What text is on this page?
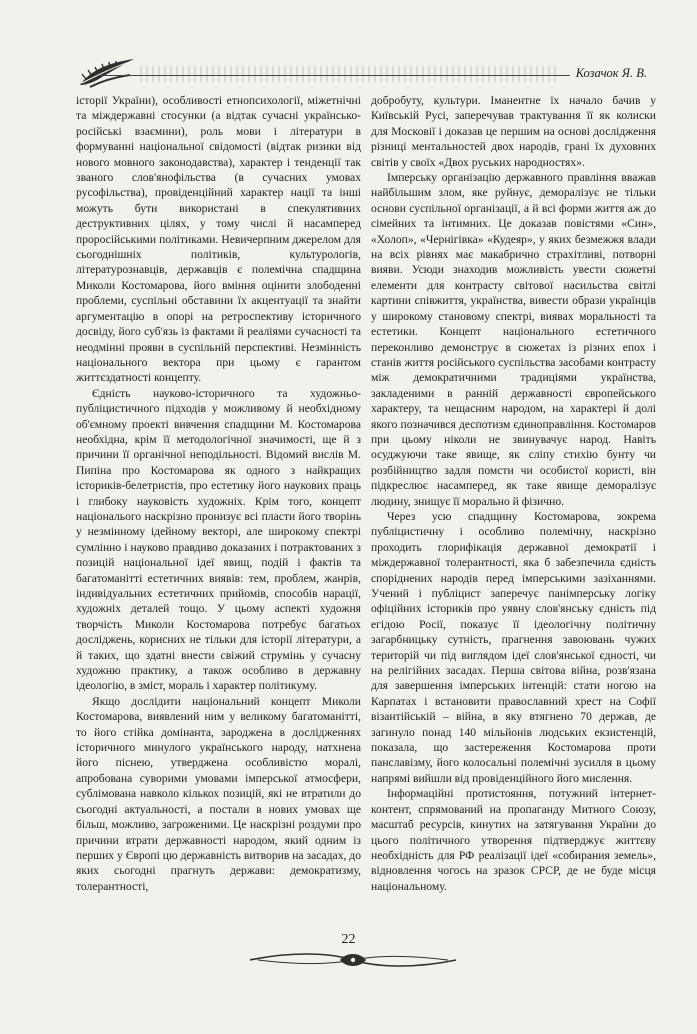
Козачок Я. В.

історії України), особливості етнопсихології, міжетнічні та міждержавні стосунки (а відтак сучасні українсько-російські взаємини), роль мови і літератури в формуванні національної свідомості (відтак ризики від нового мовного законодавства), характер і тенденції так званого слов'янофільства (в сучасних умовах русофільства), провіденційний характер нації та інші можуть бути використані в спекулятивних деструктивних цілях, у тому числі й насамперед проросійськими політиками. Невичерпним джерелом для сьогоднішніх політиків, культурологів, літературознавців, державців є полемічна спадщина Миколи Костомарова, його вміння оцінити злободенні проблеми, суспільні обставини їх акцентуації та знайти аргументацію в опорі на ретроспективу історичного досвіду, його суб'язь із фактами й реаліями сучасності та неодмінні прояви в суспільній перспективі. Незмінність національного вектора при цьому є гарантом життєздатності концепту.

Єдність науково-історичного та художньо-публіцистичного підходів у можливому й необхідному об'ємному проекті вивчення спадщини М. Костомарова необхідна, крім її методологічної значимості, ще й з причини її органічної неподільності. Відомий вислів М. Пипіна про Костомарова як одного з найкращих істориків-белетристів, про естетику його наукових праць і глибоку науковість художніх. Крім того, концепт національого наскрізно пронизує всі пласти його творінь у незмінному ідейному векторі, але широкому спектрі сумлінно і науково правдиво доказаних і потрактованих з позицій національної ідеї явищ, подій і фактів та багатоманітті естетичних виявів: тем, проблем, жанрів, індивідуальних естетичних прийомів, способів нарації, художніх деталей тощо. У цьому аспекті художня творчість Миколи Костомарова потребує багатьох досліджень, корисних не тільки для історії літератури, а й таких, що здатні внести свіжий струмінь у сучасну художню практику, а також особливо в державну ідеологію, в зміст, мораль і характер політикуму.

Якщо дослідити національний концепт Миколи Костомарова, виявлений ним у великому багатоманітті, то його стійка домінанта, зароджена в дослідженнях історичного минулого українського народу, натхнена його піснею, утверджена особливістю моралі, апробована суворими умовами імперської атмосфери, сублімована навколо кількох позицій, які не втратили до сьогодні актуальності, а постали в нових умовах ще більш, можливо, загроженими. Це наскрізні роздуми про причини втрати державності народом, який одним із перших у Європі цю державність витворив на засадах, до яких сьогодні прагнуть держави: демократизму, толерантності,

добробуту, культури. Іманентне їх начало бачив у Київській Русі, заперечував трактування її як колиски для Московії і доказав це першим на основі дослідження різниці ментальностей двох народів, грані їх духовних світів у своїх «Двох руських народностях».

Імперську організацію державного правління вважав найбільшим злом, яке руйнує, деморалізує не тільки основи суспільної організації, а й всі форми життя аж до сімейних та інтимних. Це доказав повістями «Син», «Холоп», «Чернігівка» «Кудеяр», у яких безмежжя влади на всіх рівнях має макабрично страхітливі, потворні вияви. Усюди знаходив можливість увести сюжетні елементи для контрасту світової насильства світлі картини співжиття, українства, вивести образи українців у широкому становому спектрі, виявах моральності та естетики. Концепт національного естетичного переконливо демонструє в сюжетах із різних епох і станів життя російського суспільства засобами контрасту між демократичними традиціями українства, закладеними в ранній державності європейського характеру, та нещасним народом, на характері й долі якого позначився деспотизм єдиноправління. Костомаров при цьому ніколи не звинувачує народ. Навіть осуджуючи таке явище, як сліпу стихію бунту чи розбійництво задля помсти чи особистої користі, він підкреслює насамперед, як таке явище деморалізує людину, знищує її морально й фізично.

Через усю спадщину Костомарова, зокрема публіцистичну і особливо полемічну, наскрізно проходить глорифікація державної демократії і міждержавної толерантності, яка б забезпечила єдність споріднених народів перед імперськими зазіханнями. Учений і публіцист заперечує панімперську логіку офіційних істориків про уявну слов'янську єдність під егідою Росії, показує її ідеологічну політичну загарбницьку сутність, прагнення завоювань чужих територій чи під виглядом ідеї слов'янської єдності, чи на релігійних засадах. Перша світова війна, розв'язана для завершення імперських інтенцій: стати ногою на Карпатах і встановити православний хрест на Софії візантійській – війна, в яку втягнено 70 держав, де загинуло понад 140 мільйонів людських екзистенцій, показала, що застереження Костомарова проти панславізму, його колосальні полемічні зусилля в цьому напрямі вийшли від провіденційного його мислення.

Інформаційні протистояння, потужний інтернет-контент, спрямований на пропаганду Митного Союзу, масштаб ресурсів, кинутих на затягування України до цього політичного утворення підтверджує життєву необхідність для РФ реалізації ідеї «собирания земель», відновлення чогось на зразок СРСР, де не буде місця національному.

22
